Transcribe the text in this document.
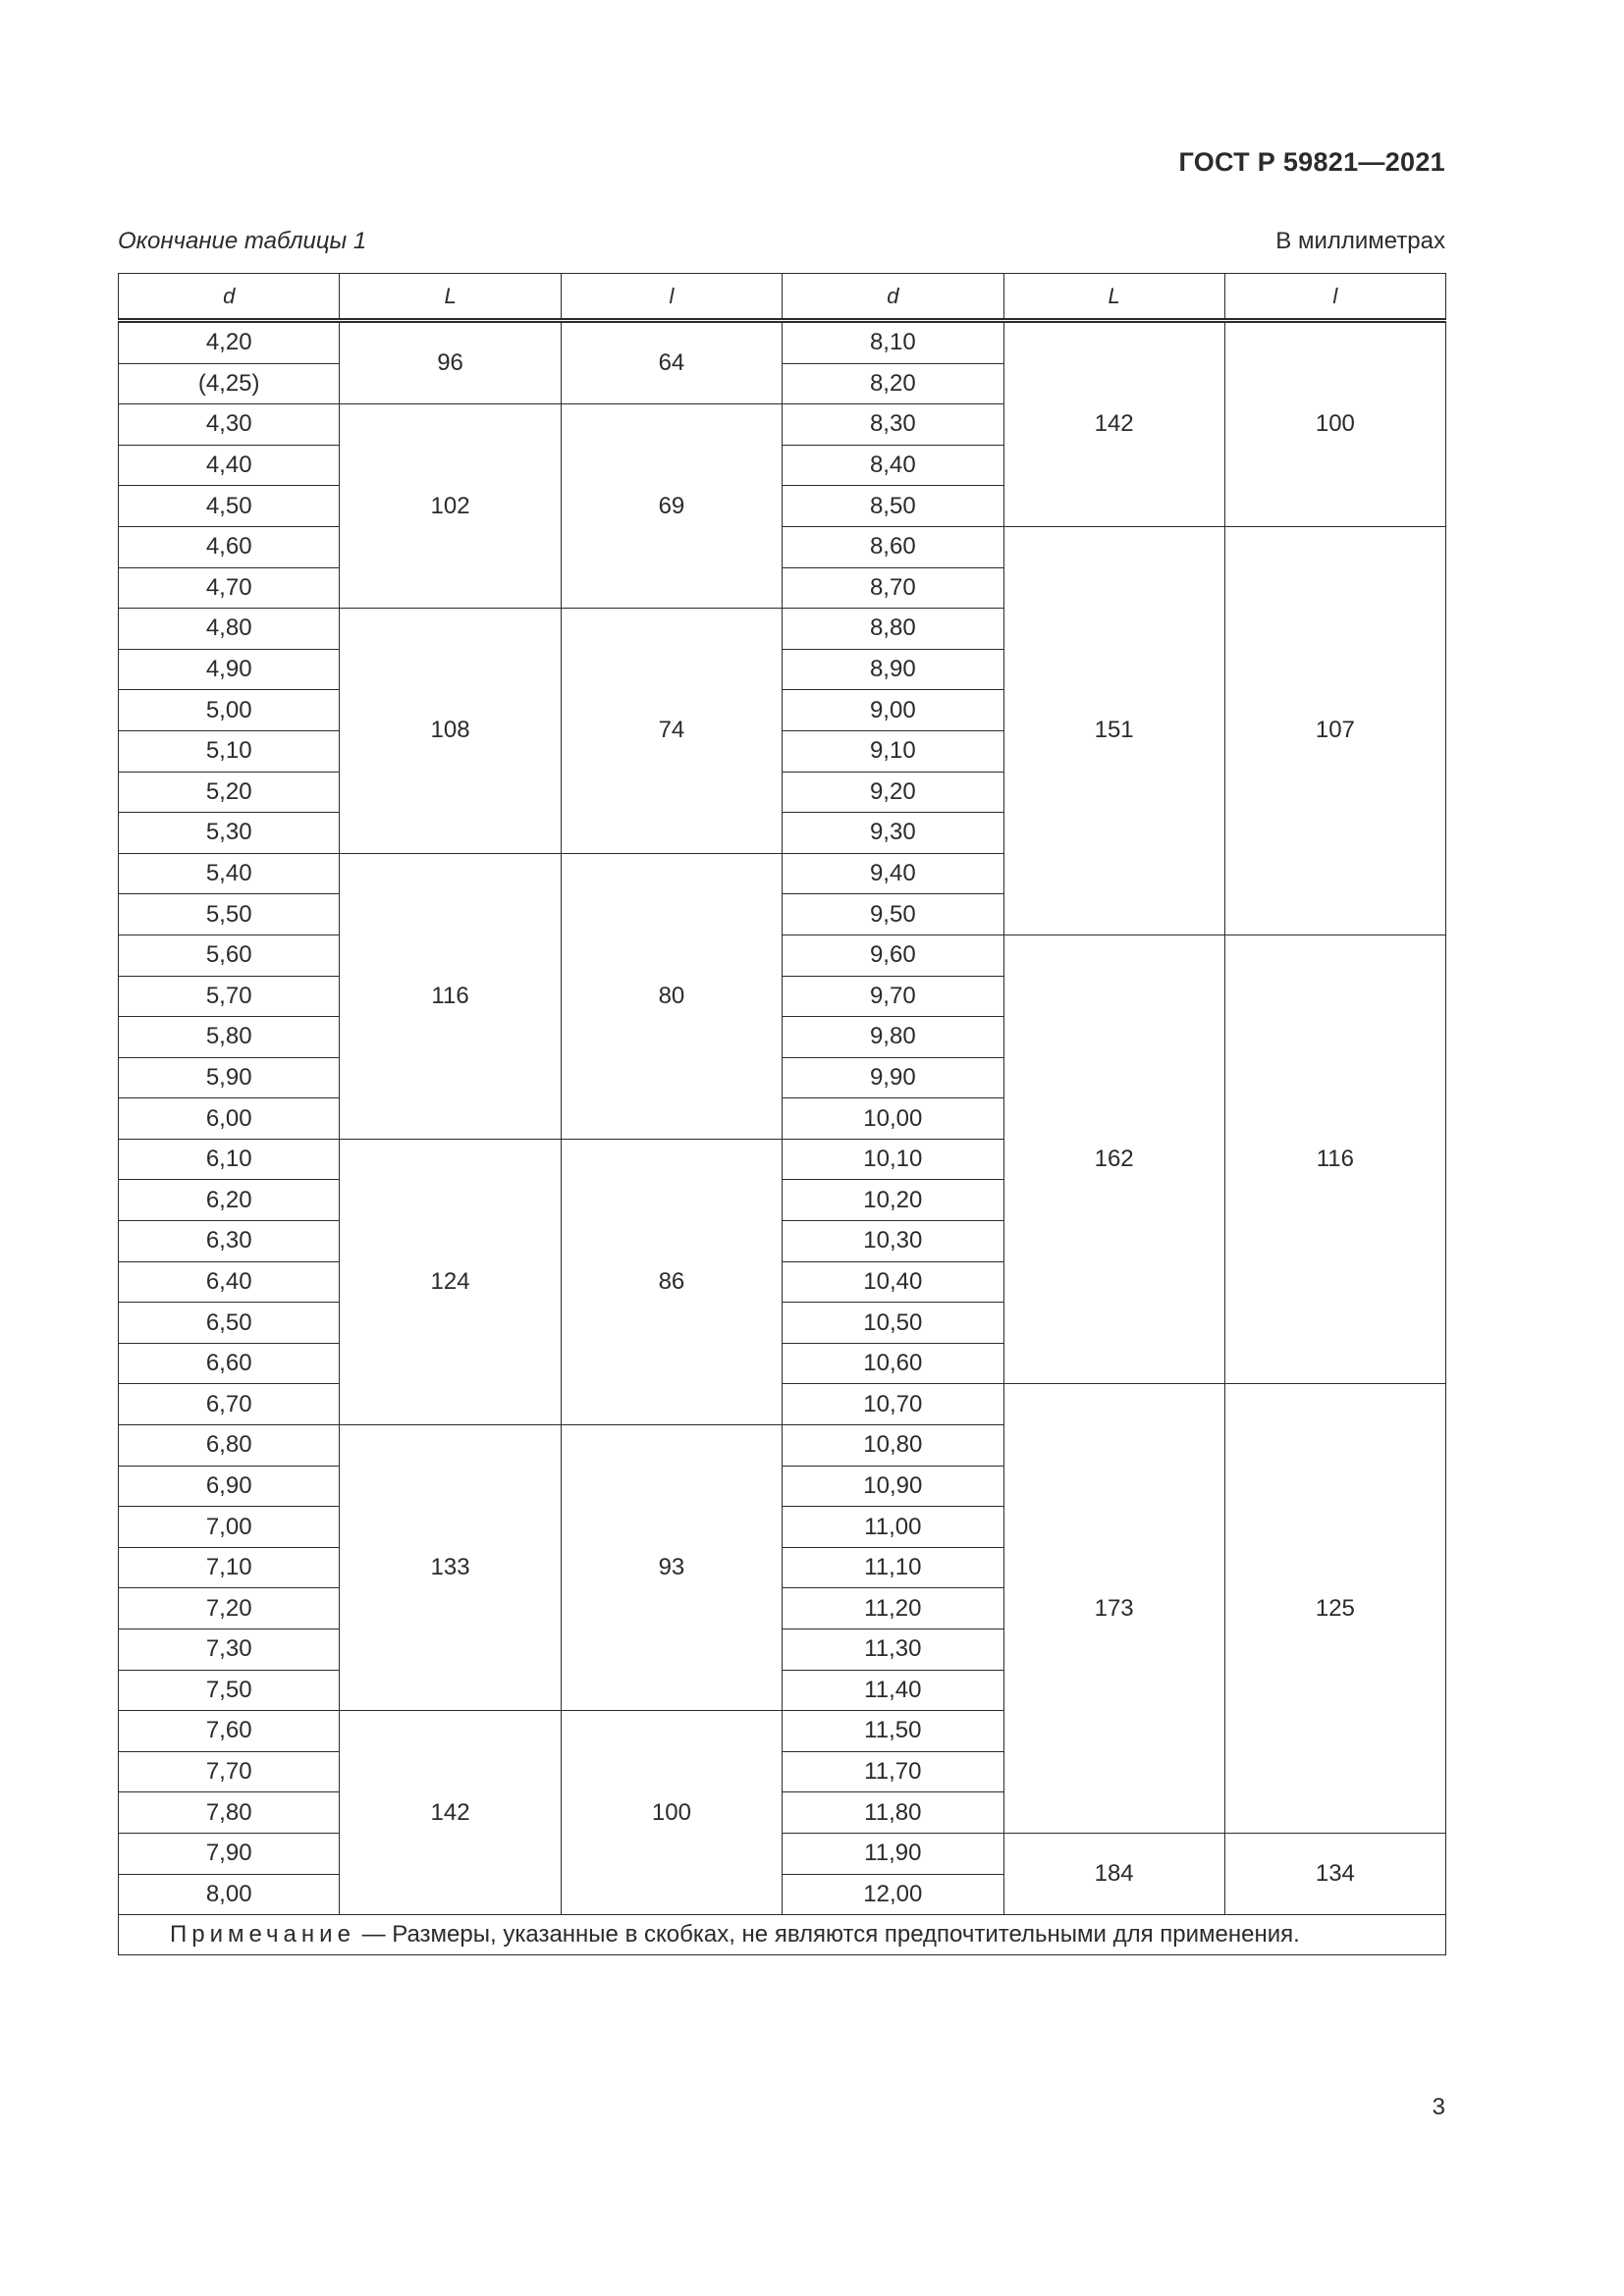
ГОСТ Р 59821—2021
Окончание таблицы 1	В миллиметрах
d	L	l	d	L	l
4,20	96	64	8,10	142	100
(4,25)			8,20		
4,30	102	69	8,30		
4,40			8,40		
4,50			8,50		
4,60			8,60	151	107
4,70			8,70		
4,80	108	74	8,80		
4,90			8,90		
5,00			9,00		
5,10			9,10		
5,20			9,20		
5,30			9,30		
5,40	116	80	9,40		
5,50			9,50		
5,60			9,60	162	116
5,70			9,70		
5,80			9,80		
5,90			9,90		
6,00			10,00		
6,10	124	86	10,10		
6,20			10,20		
6,30			10,30		
6,40			10,40		
6,50			10,50		
6,60			10,60		
6,70			10,70	173	125
6,80	133	93	10,80		
6,90			10,90		
7,00			11,00		
7,10			11,10		
7,20			11,20		
7,30			11,30		
7,50			11,40		
7,60	142	100	11,50		
7,70			11,70		
7,80			11,80		
7,90			11,90	184	134
8,00			12,00		
Примечание — Размеры, указанные в скобках, не являются предпочтительными для применения.					
3
